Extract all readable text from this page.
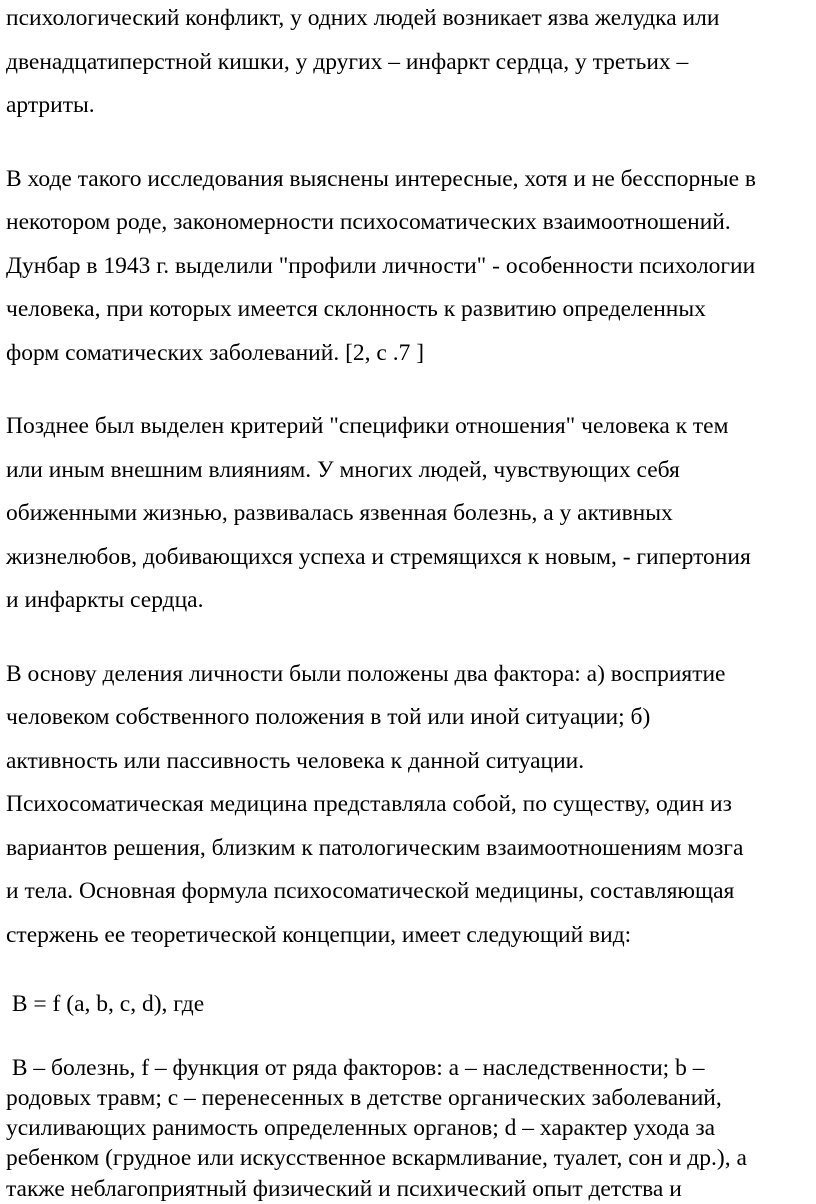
психологический конфликт, у одних людей возникает язва желудка или
двенадцатиперстной кишки, у других – инфаркт сердца, у третьих –
артриты.

В ходе такого исследования выяснены интересные, хотя и не бесспорные в
некотором роде, закономерности психосоматических взаимоотношений.
Дунбар в 1943 г. выделили "профили личности" - особенности психологии
человека, при которых имеется склонность к развитию определенных
форм соматических заболеваний. [2, с .7 ]

Позднее был выделен критерий "специфики отношения" человека к тем
или иным внешним влияниям. У многих людей, чувствующих себя
обиженными жизнью, развивалась язвенная болезнь, а у активных
жизнелюбов, добивающихся успеха и стремящихся к новым, - гипертония
и инфаркты сердца.

В основу деления личности были положены два фактора: а) восприятие
человеком собственного положения в той или иной ситуации; б)
активность или пассивность человека к данной ситуации.
Психосоматическая медицина представляла собой, по существу, один из
вариантов решения, близким к патологическим взаимоотношениям мозга
и тела. Основная формула психосоматической медицины, составляющая
стержень ее теоретической концепции, имеет следующий вид:

В = f (a, b, c, d), где

В – болезнь, f – функция от ряда факторов: а – наследственности; b –
родовых травм; с – перенесенных в детстве органических заболеваний,
усиливающих ранимость определенных органов; d – характер ухода за
ребенком (грудное или искусственное вскармливание, туалет, сон и др.), а
также неблагоприятный физический и психический опыт детства и
